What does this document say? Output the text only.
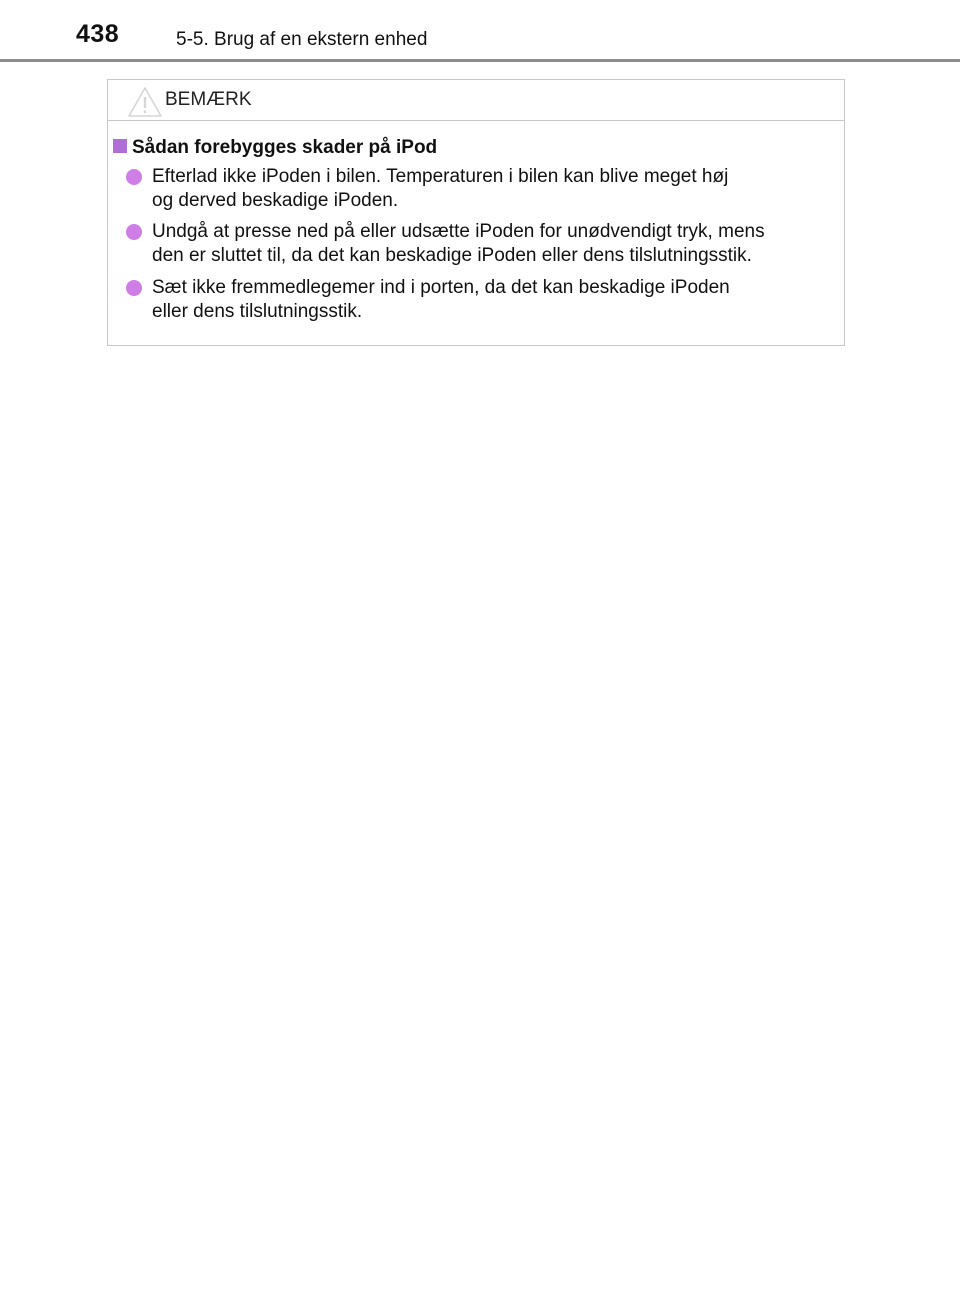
438	5-5. Brug af en ekstern enhed
BEMÆRK
Sådan forebygges skader på iPod
Efterlad ikke iPoden i bilen. Temperaturen i bilen kan blive meget høj
og derved beskadige iPoden.
Undgå at presse ned på eller udsætte iPoden for unødvendigt tryk, mens
den er sluttet til, da det kan beskadige iPoden eller dens tilslutningsstik.
Sæt ikke fremmedlegemer ind i porten, da det kan beskadige iPoden
eller dens tilslutningsstik.
